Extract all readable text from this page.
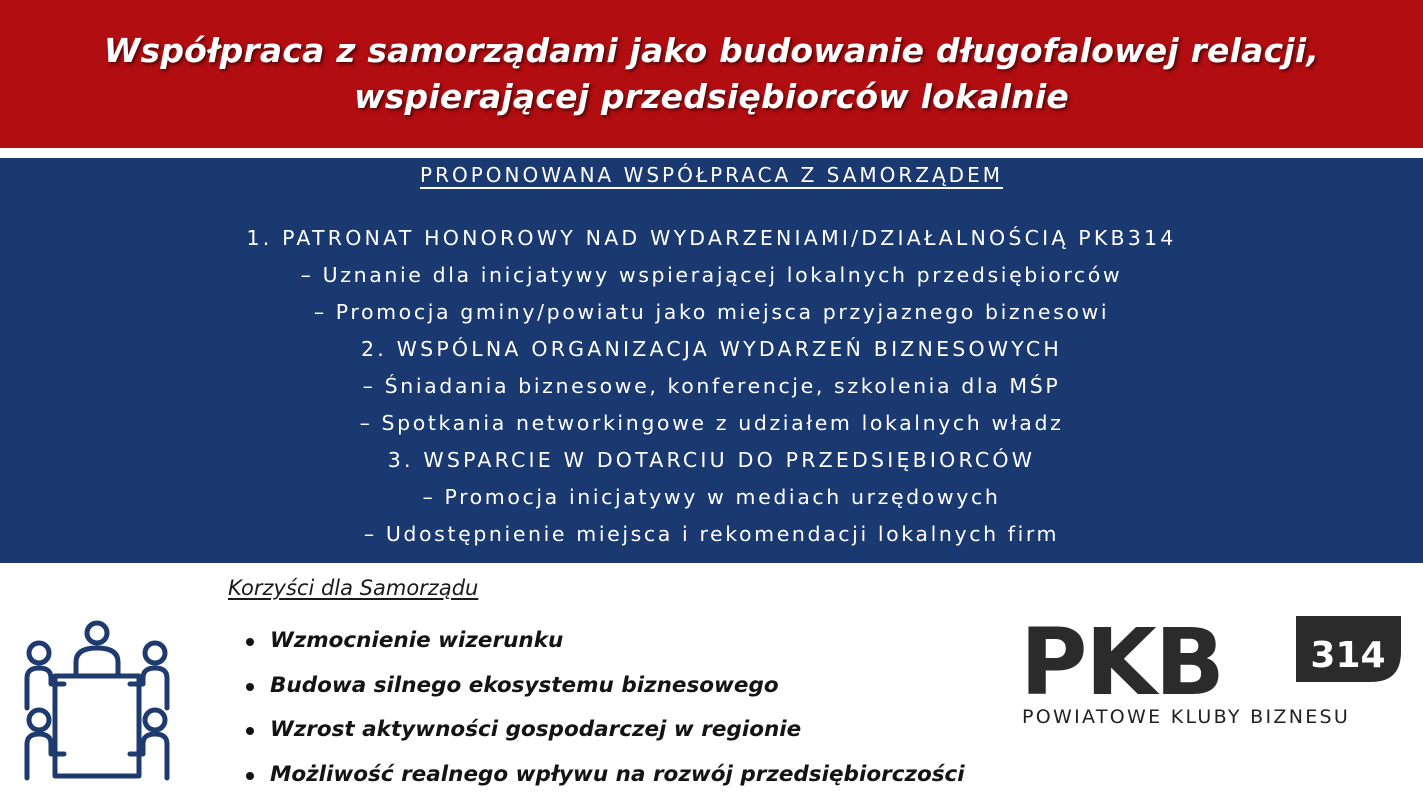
Współpraca z samorządami jako budowanie długofalowej relacji,
wspierającej przedsiębiorców lokalnie
PROPONOWANA WSPÓŁPRACA Z SAMORZĄDEM
1. PATRONAT HONOROWY NAD WYDARZENIAMI/DZIAŁALNOŚCIĄ PKB314
– Uznanie dla inicjatywy wspierającej lokalnych przedsiębiorców
– Promocja gminy/powiatu jako miejsca przyjaznego biznesowi
2. WSPÓLNA ORGANIZACJA WYDARZEŃ BIZNESOWYCH
– Śniadania biznesowe, konferencje, szkolenia dla MŚP
– Spotkania networkingowe z udziałem lokalnych władz
3. WSPARCIE W DOTARCIU DO PRZEDSIĘBIORCÓW
– Promocja inicjatywy w mediach urzędowych
– Udostępnienie miejsca i rekomendacji lokalnych firm
Korzyści dla Samorządu
Wzmocnienie wizerunku
Budowa silnego ekosystemu biznesowego
Wzrost aktywności gospodarczej w regionie
Możliwość realnego wpływu na rozwój przedsiębiorczości
PKB 314
POWIATOWE KLUBY BIZNESU
